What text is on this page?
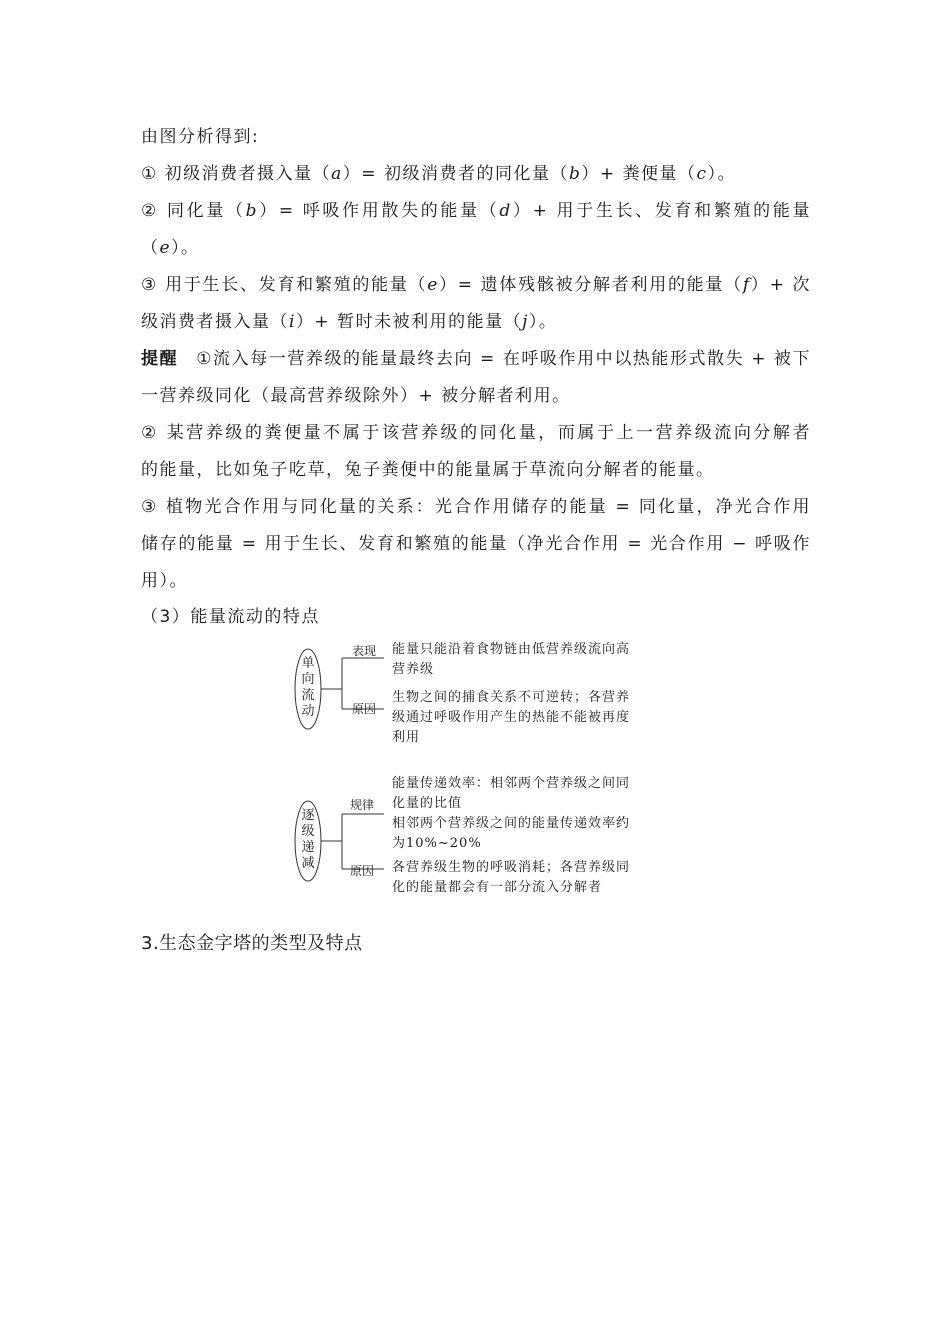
由图分析得到:
① 初级消费者摄入量（a）= 初级消费者的同化量（b）+ 粪便量（c）。
② 同化量（b）= 呼吸作用散失的能量（d）+ 用于生长、发育和繁殖的能量
（e）。
③ 用于生长、发育和繁殖的能量（e）= 遗体残骸被分解者利用的能量（f）+ 次
级消费者摄入量（i）+ 暂时未被利用的能量（j）。
提醒 ①流入每一营养级的能量最终去向 = 在呼吸作用中以热能形式散失 + 被下
一营养级同化（最高营养级除外）+ 被分解者利用。
② 某营养级的粪便量不属于该营养级的同化量，而属于上一营养级流向分解者
的能量，比如兔子吃草，兔子粪便中的能量属于草流向分解者的能量。
③ 植物光合作用与同化量的关系：光合作用储存的能量 = 同化量，净光合作用
储存的能量 = 用于生长、发育和繁殖的能量（净光合作用 = 光合作用 − 呼吸作
用）。
（3）能量流动的特点
单向流动
表现
原因
能量只能沿着食物链由低营养级流向高
营养级
生物之间的捕食关系不可逆转；各营养
级通过呼吸作用产生的热能不能被再度
利用
逐级递减
规律
原因
能量传递效率：相邻两个营养级之间同
化量的比值
相邻两个营养级之间的能量传递效率约
为10%~20%
各营养级生物的呼吸消耗；各营养级同
化的能量都会有一部分流入分解者
3.生态金字塔的类型及特点
